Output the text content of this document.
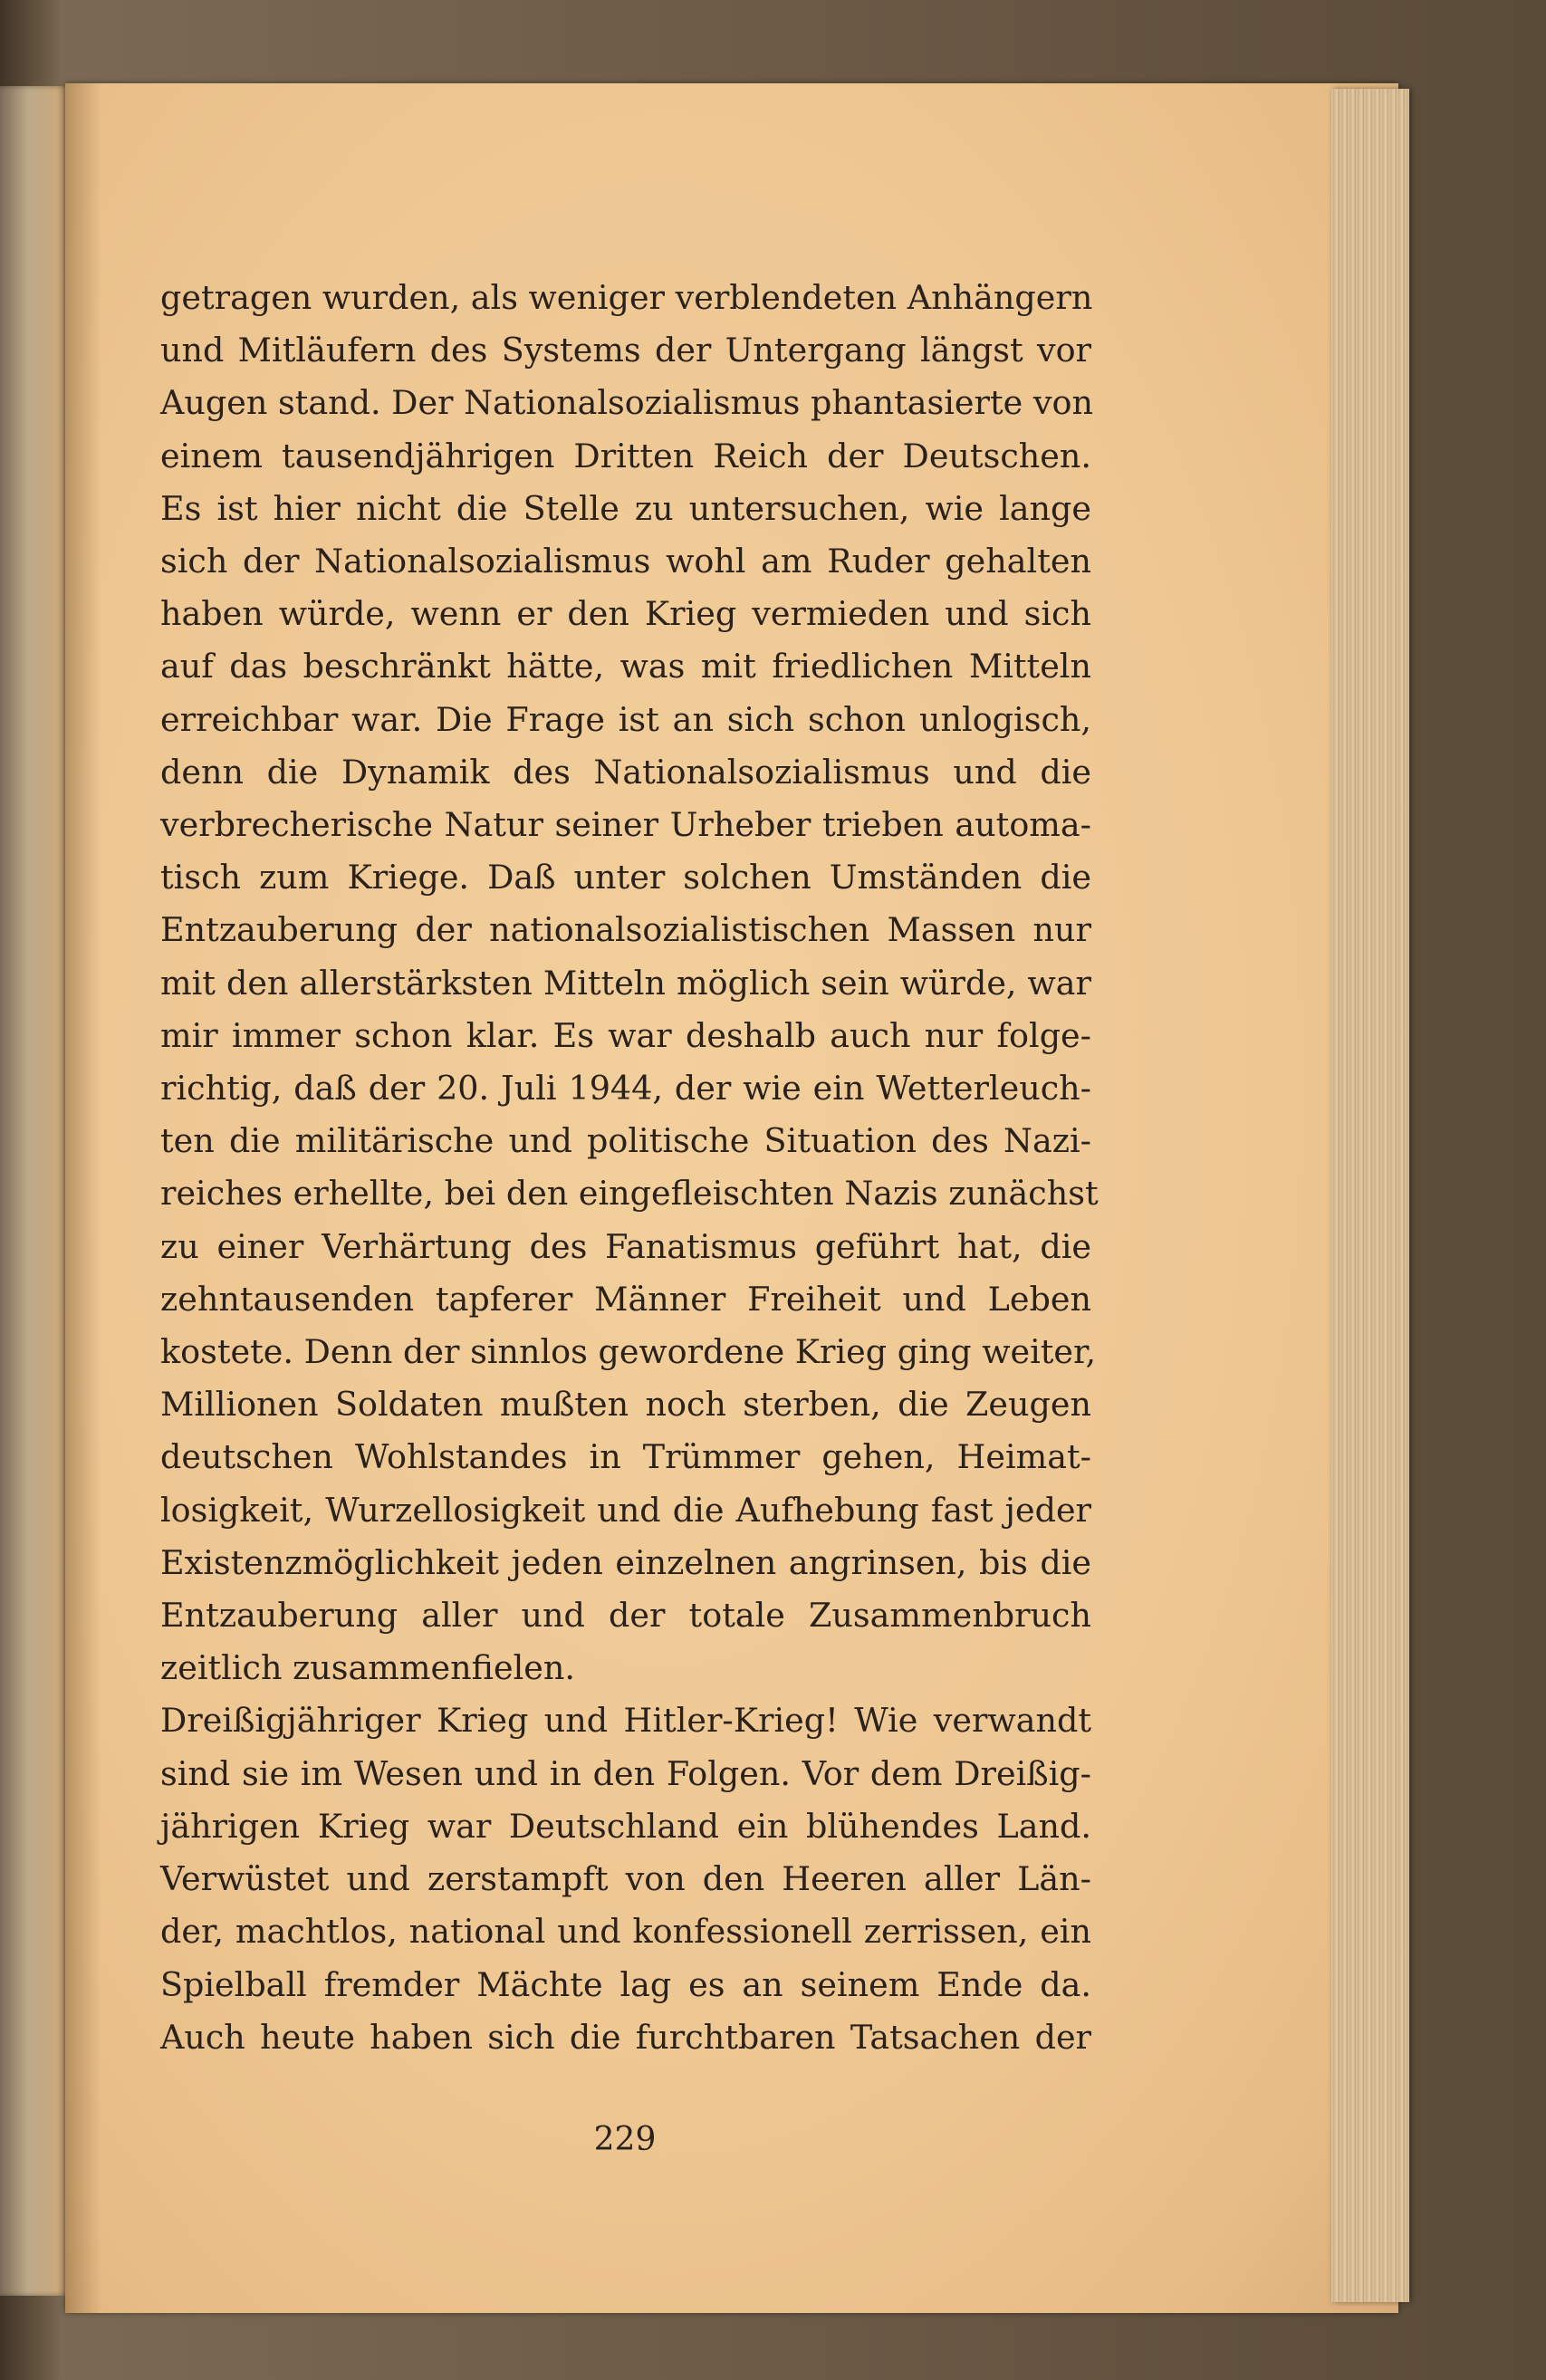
getragen wurden, als weniger verblendeten Anhängern
und Mitläufern des Systems der Untergang längst vor
Augen stand. Der Nationalsozialismus phantasierte von
einem tausendjährigen Dritten Reich der Deutschen.
Es ist hier nicht die Stelle zu untersuchen, wie lange
sich der Nationalsozialismus wohl am Ruder gehalten
haben würde, wenn er den Krieg vermieden und sich
auf das beschränkt hätte, was mit friedlichen Mitteln
erreichbar war. Die Frage ist an sich schon unlogisch,
denn die Dynamik des Nationalsozialismus und die
verbrecherische Natur seiner Urheber trieben automa-
tisch zum Kriege. Daß unter solchen Umständen die
Entzauberung der nationalsozialistischen Massen nur
mit den allerstärksten Mitteln möglich sein würde, war
mir immer schon klar. Es war deshalb auch nur folge-
richtig, daß der 20. Juli 1944, der wie ein Wetterleuch-
ten die militärische und politische Situation des Nazi-
reiches erhellte, bei den eingefleischten Nazis zunächst
zu einer Verhärtung des Fanatismus geführt hat, die
zehntausenden tapferer Männer Freiheit und Leben
kostete. Denn der sinnlos gewordene Krieg ging weiter,
Millionen Soldaten mußten noch sterben, die Zeugen
deutschen Wohlstandes in Trümmer gehen, Heimat-
losigkeit, Wurzellosigkeit und die Aufhebung fast jeder
Existenzmöglichkeit jeden einzelnen angrinsen, bis die
Entzauberung aller und der totale Zusammenbruch
zeitlich zusammenfielen.
Dreißigjähriger Krieg und Hitler-Krieg! Wie verwandt
sind sie im Wesen und in den Folgen. Vor dem Dreißig-
jährigen Krieg war Deutschland ein blühendes Land.
Verwüstet und zerstampft von den Heeren aller Län-
der, machtlos, national und konfessionell zerrissen, ein
Spielball fremder Mächte lag es an seinem Ende da.
Auch heute haben sich die furchtbaren Tatsachen der
229
